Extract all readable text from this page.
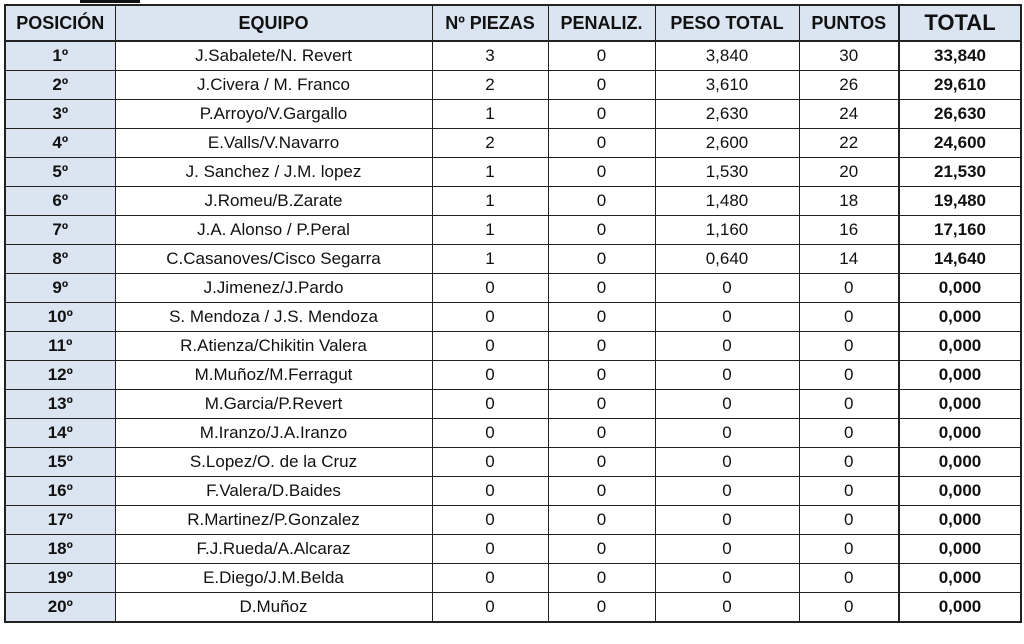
POSICIÓN	EQUIPO	Nº PIEZAS	PENALIZ.	PESO TOTAL	PUNTOS	TOTAL
1º	J.Sabalete/N. Revert	3	0	3,840	30	33,840
2º	J.Civera / M. Franco	2	0	3,610	26	29,610
3º	P.Arroyo/V.Gargallo	1	0	2,630	24	26,630
4º	E.Valls/V.Navarro	2	0	2,600	22	24,600
5º	J. Sanchez / J.M. lopez	1	0	1,530	20	21,530
6º	J.Romeu/B.Zarate	1	0	1,480	18	19,480
7º	J.A. Alonso / P.Peral	1	0	1,160	16	17,160
8º	C.Casanoves/Cisco Segarra	1	0	0,640	14	14,640
9º	J.Jimenez/J.Pardo	0	0	0	0	0,000
10º	S. Mendoza / J.S. Mendoza	0	0	0	0	0,000
11º	R.Atienza/Chikitin Valera	0	0	0	0	0,000
12º	M.Muñoz/M.Ferragut	0	0	0	0	0,000
13º	M.Garcia/P.Revert	0	0	0	0	0,000
14º	M.Iranzo/J.A.Iranzo	0	0	0	0	0,000
15º	S.Lopez/O. de la Cruz	0	0	0	0	0,000
16º	F.Valera/D.Baides	0	0	0	0	0,000
17º	R.Martinez/P.Gonzalez	0	0	0	0	0,000
18º	F.J.Rueda/A.Alcaraz	0	0	0	0	0,000
19º	E.Diego/J.M.Belda	0	0	0	0	0,000
20º	D.Muñoz	0	0	0	0	0,000
